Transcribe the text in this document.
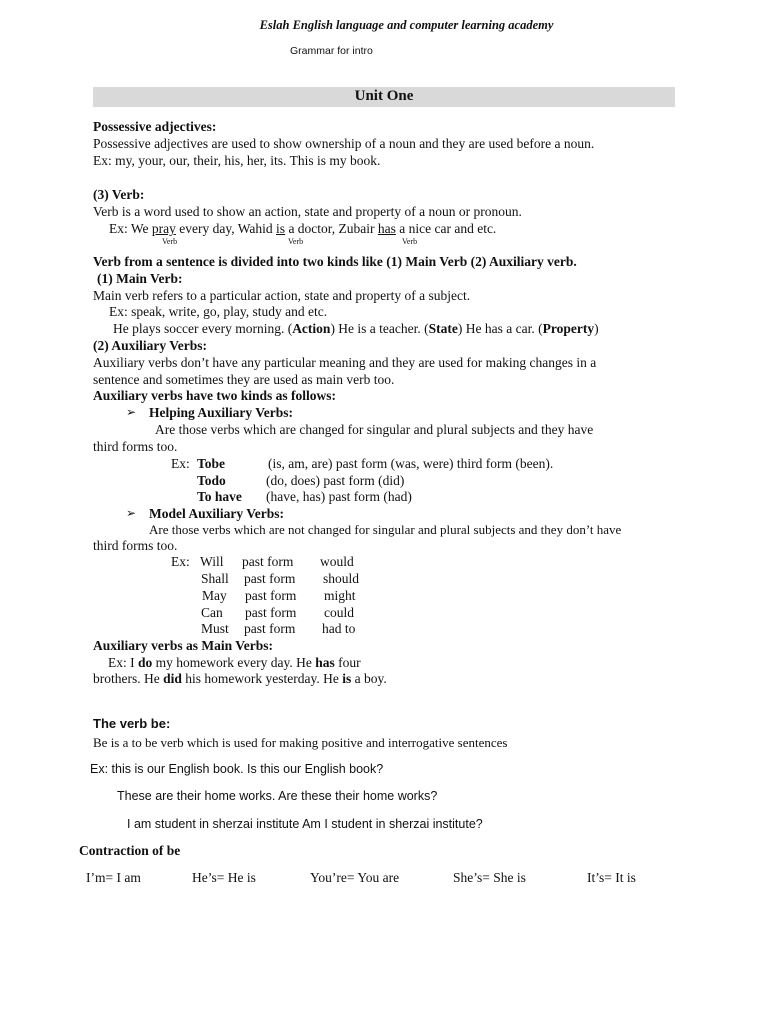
Eslah English language and computer learning academy
Grammar for intro
Unit One
Possessive adjectives:
Possessive adjectives are used to show ownership of a noun and they are used before a noun.
Ex: my, your, our, their, his, her, its. This is my book.
(3) Verb:
Verb is a word used to show an action, state and property of a noun or pronoun.
Ex: We pray every day, Wahid is a doctor, Zubair has a nice car and etc.
Verb	Verb	Verb
Verb from a sentence is divided into two kinds like (1) Main Verb (2) Auxiliary verb.
(1) Main Verb:
Main verb refers to a particular action, state and property of a subject.
Ex: speak, write, go, play, study and etc.
He plays soccer every morning. (Action) He is a teacher. (State) He has a car. (Property)
(2) Auxiliary Verbs:
Auxiliary verbs don’t have any particular meaning and they are used for making changes in a
sentence and sometimes they are used as main verb too.
Auxiliary verbs have two kinds as follows:
➢ Helping Auxiliary Verbs:
Are those verbs which are changed for singular and plural subjects and they have
third forms too.
Ex: Tobe	(is, am, are) past form (was, were) third form (been).
Todo	(do, does) past form (did)
To have (have, has) past form (had)
➢ Model Auxiliary Verbs:
Are those verbs which are not changed for singular and plural subjects and they don’t have
third forms too.
Ex: Will past form would
Shall past form should
May past form might
Can past form could
Must past form had to
Auxiliary verbs as Main Verbs:
Ex: I do my homework every day. He has four
brothers. He did his homework yesterday. He is a boy.
The verb be:
Be is a to be verb which is used for making positive and interrogative sentences
Ex: this is our English book. Is this our English book?
These are their home works. Are these their home works?
I am student in sherzai institute Am I student in sherzai institute?
Contraction of be
I’m= I am	He’s= He is	You’re= You are	She’s= She is	It’s= It is
